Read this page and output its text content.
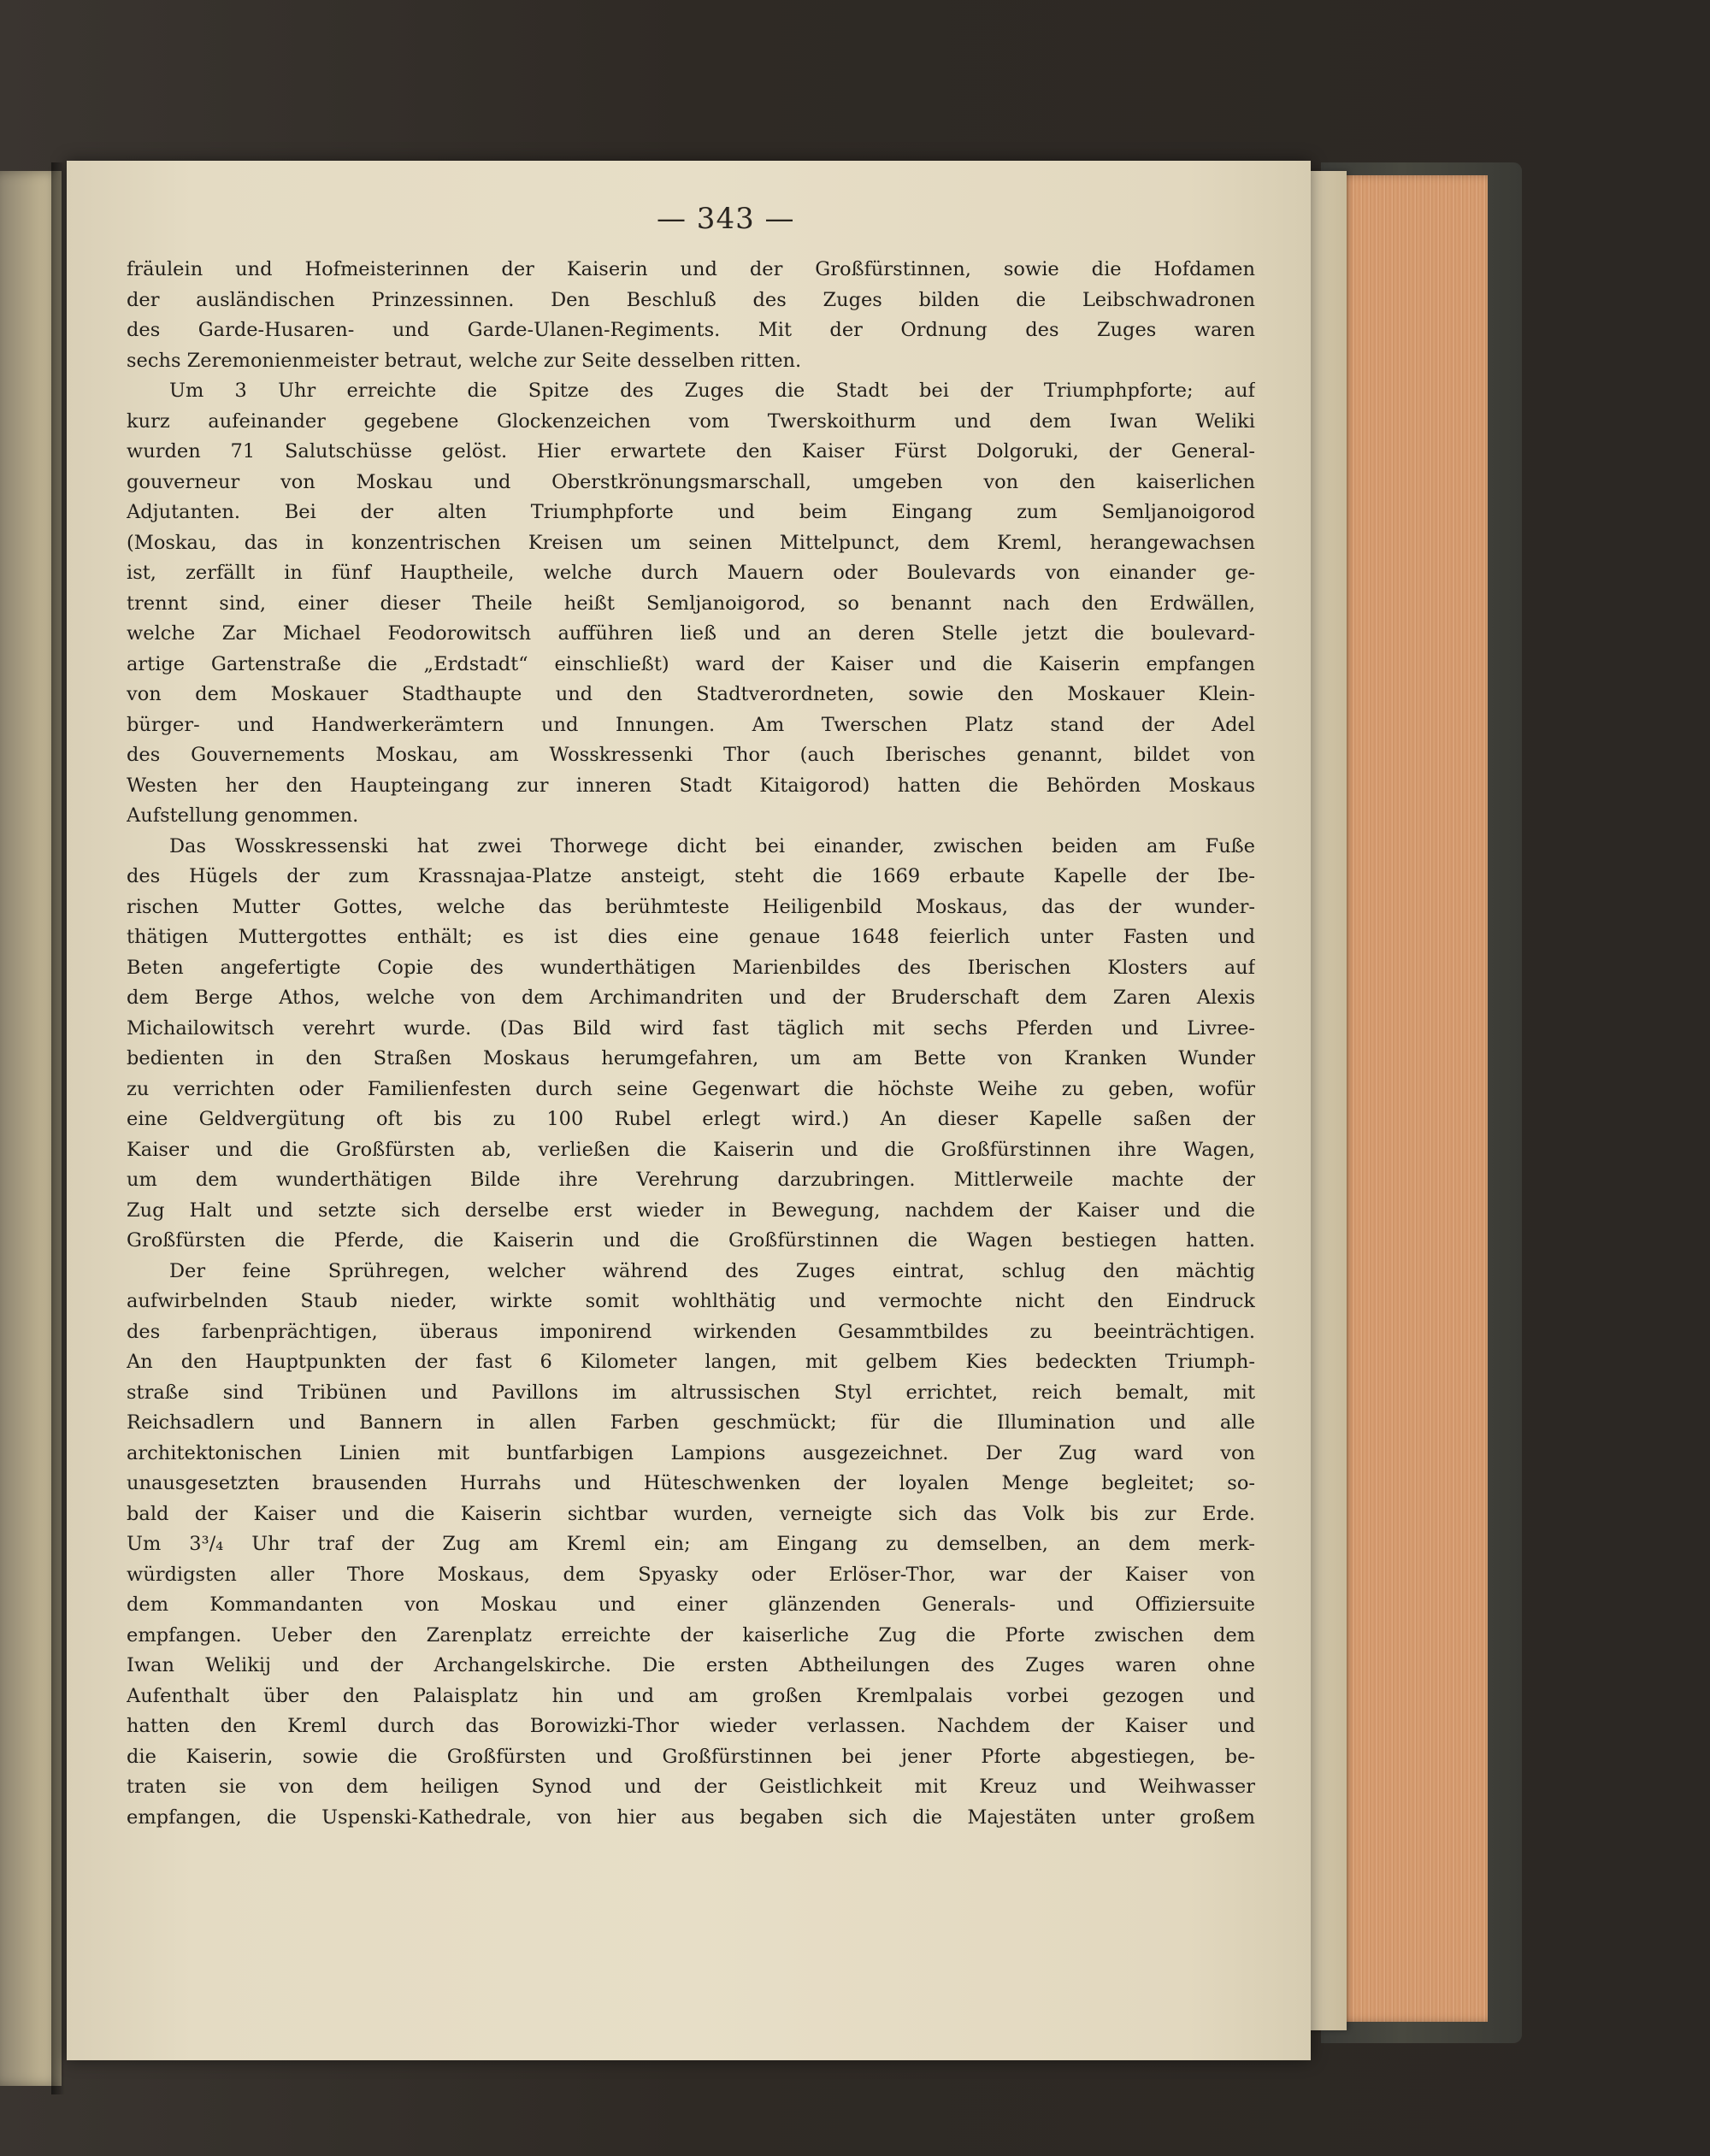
— 343 —
fräulein und Hofmeisterinnen der Kaiserin und der Großfürstinnen, sowie die Hofdamen
der ausländischen Prinzessinnen. Den Beschluß des Zuges bilden die Leibschwadronen
des Garde-Husaren- und Garde-Ulanen-Regiments. Mit der Ordnung des Zuges waren
sechs Zeremonienmeister betraut, welche zur Seite desselben ritten.
Um 3 Uhr erreichte die Spitze des Zuges die Stadt bei der Triumphpforte; auf
kurz aufeinander gegebene Glockenzeichen vom Twerskoithurm und dem Iwan Weliki
wurden 71 Salutschüsse gelöst. Hier erwartete den Kaiser Fürst Dolgoruki, der General-
gouverneur von Moskau und Oberstkrönungsmarschall, umgeben von den kaiserlichen
Adjutanten. Bei der alten Triumphpforte und beim Eingang zum Semljanoigorod
(Moskau, das in konzentrischen Kreisen um seinen Mittelpunct, dem Kreml, herangewachsen
ist, zerfällt in fünf Hauptheile, welche durch Mauern oder Boulevards von einander ge-
trennt sind, einer dieser Theile heißt Semljanoigorod, so benannt nach den Erdwällen,
welche Zar Michael Feodorowitsch aufführen ließ und an deren Stelle jetzt die boulevard-
artige Gartenstraße die „Erdstadt“ einschließt) ward der Kaiser und die Kaiserin empfangen
von dem Moskauer Stadthaupte und den Stadtverordneten, sowie den Moskauer Klein-
bürger- und Handwerkerämtern und Innungen. Am Twerschen Platz stand der Adel
des Gouvernements Moskau, am Wosskressenki Thor (auch Iberisches genannt, bildet von
Westen her den Haupteingang zur inneren Stadt Kitaigorod) hatten die Behörden Moskaus
Aufstellung genommen.
Das Wosskressenski hat zwei Thorwege dicht bei einander, zwischen beiden am Fuße
des Hügels der zum Krassnajaa-Platze ansteigt, steht die 1669 erbaute Kapelle der Ibe-
rischen Mutter Gottes, welche das berühmteste Heiligenbild Moskaus, das der wunder-
thätigen Muttergottes enthält; es ist dies eine genaue 1648 feierlich unter Fasten und
Beten angefertigte Copie des wunderthätigen Marienbildes des Iberischen Klosters auf
dem Berge Athos, welche von dem Archimandriten und der Bruderschaft dem Zaren Alexis
Michailowitsch verehrt wurde. (Das Bild wird fast täglich mit sechs Pferden und Livree-
bedienten in den Straßen Moskaus herumgefahren, um am Bette von Kranken Wunder
zu verrichten oder Familienfesten durch seine Gegenwart die höchste Weihe zu geben, wofür
eine Geldvergütung oft bis zu 100 Rubel erlegt wird.) An dieser Kapelle saßen der
Kaiser und die Großfürsten ab, verließen die Kaiserin und die Großfürstinnen ihre Wagen,
um dem wunderthätigen Bilde ihre Verehrung darzubringen. Mittlerweile machte der
Zug Halt und setzte sich derselbe erst wieder in Bewegung, nachdem der Kaiser und die
Großfürsten die Pferde, die Kaiserin und die Großfürstinnen die Wagen bestiegen hatten.
Der feine Sprühregen, welcher während des Zuges eintrat, schlug den mächtig
aufwirbelnden Staub nieder, wirkte somit wohlthätig und vermochte nicht den Eindruck
des farbenprächtigen, überaus imponirend wirkenden Gesammtbildes zu beeinträchtigen.
An den Hauptpunkten der fast 6 Kilometer langen, mit gelbem Kies bedeckten Triumph-
straße sind Tribünen und Pavillons im altrussischen Styl errichtet, reich bemalt, mit
Reichsadlern und Bannern in allen Farben geschmückt; für die Illumination und alle
architektonischen Linien mit buntfarbigen Lampions ausgezeichnet. Der Zug ward von
unausgesetzten brausenden Hurrahs und Hüteschwenken der loyalen Menge begleitet; so-
bald der Kaiser und die Kaiserin sichtbar wurden, verneigte sich das Volk bis zur Erde.
Um 3³/₄ Uhr traf der Zug am Kreml ein; am Eingang zu demselben, an dem merk-
würdigsten aller Thore Moskaus, dem Spyasky oder Erlöser-Thor, war der Kaiser von
dem Kommandanten von Moskau und einer glänzenden Generals- und Offiziersuite
empfangen. Ueber den Zarenplatz erreichte der kaiserliche Zug die Pforte zwischen dem
Iwan Welikij und der Archangelskirche. Die ersten Abtheilungen des Zuges waren ohne
Aufenthalt über den Palaisplatz hin und am großen Kremlpalais vorbei gezogen und
hatten den Kreml durch das Borowizki-Thor wieder verlassen. Nachdem der Kaiser und
die Kaiserin, sowie die Großfürsten und Großfürstinnen bei jener Pforte abgestiegen, be-
traten sie von dem heiligen Synod und der Geistlichkeit mit Kreuz und Weihwasser
empfangen, die Uspenski-Kathedrale, von hier aus begaben sich die Majestäten unter großem
